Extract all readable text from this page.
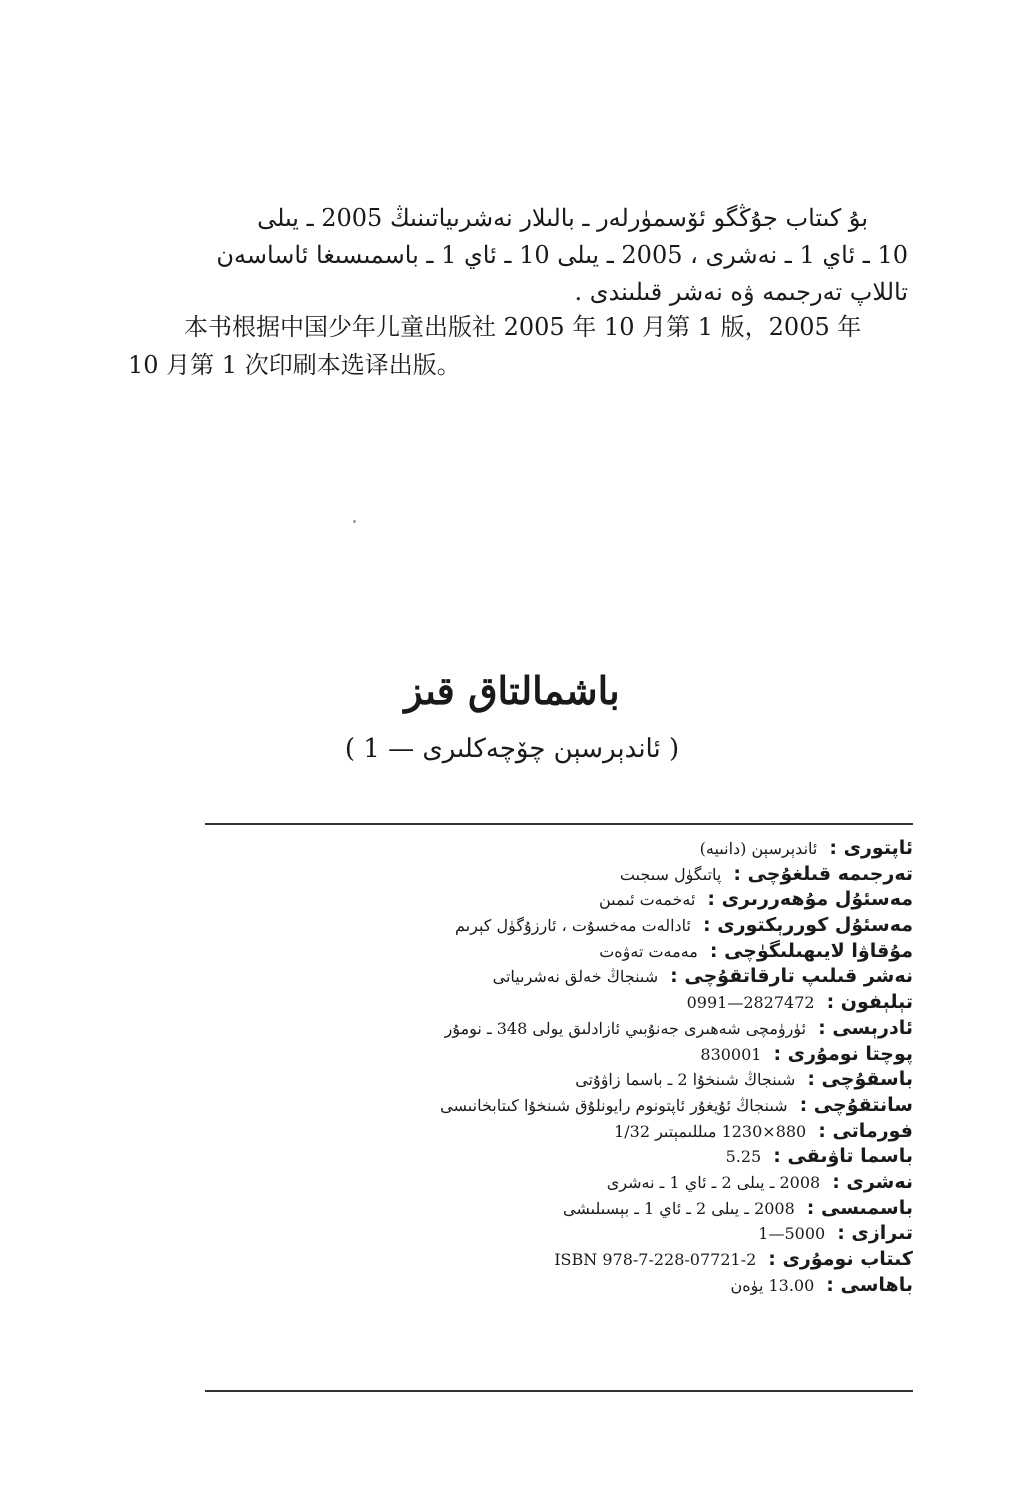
بۇ كىتاب جۇڭگو ئۆسمۈرلەر ـ بالىلار نەشرىياتىنىڭ 2005 ـ يىلى
10 ـ ئاي 1 ـ نەشرى ، 2005 ـ يىلى 10 ـ ئاي 1 ـ باسمىسىغا ئاساسەن
تاللاپ تەرجىمە ۋە نەشر قىلىندى .
本书根据中国少年儿童出版社 2005 年 10 月第 1 版，2005 年
10 月第 1 次印刷本选译出版。
باشمالتاق قىز
( ئاندېرسېن چۆچەكلىرى — 1 )
ئاپتورى :ئاندېرسېن (دانىيە)
تەرجىمە قىلغۇچى :پاتىگۈل سىجىت
مەسئۇل مۇھەررىرى :ئەخمەت ئىمىن
مەسئۇل كوررېكتورى :ئادالەت مەخسۇت ، ئارزۇگۈل كېرىم
مۇقاۋا لايىھىلىگۈچى :مەمەت تەۋەت
نەشر قىلىپ تارقاتقۇچى :شىنجاڭ خەلق نەشرىياتى
تېلېفون :0991—2827472
ئادرېسى :ئۈرۈمچى شەھىرى جەنۇبىي ئازادلىق يولى 348 ـ نومۇر
پوچتا نومۇرى :830001
باسقۇچى :شىنجاڭ شىنخۇا 2 ـ باسما زاۋۇتى
سانتقۇچى :شىنجاڭ ئۇيغۇر ئاپتونوم رايونلۇق شىنخۇا كىتابخانىسى
فورماتى :880×1230 مىللىمېتىر 1/32
باسما تاۋىقى :5.25
نەشرى :2008 ـ يىلى 2 ـ ئاي 1 ـ نەشرى
باسمىسى :2008 ـ يىلى 2 ـ ئاي 1 ـ بېسىلىشى
تىرازى :1—5000
كىتاب نومۇرى :ISBN 978-7-228-07721-2
باھاسى :13.00 يۈەن
